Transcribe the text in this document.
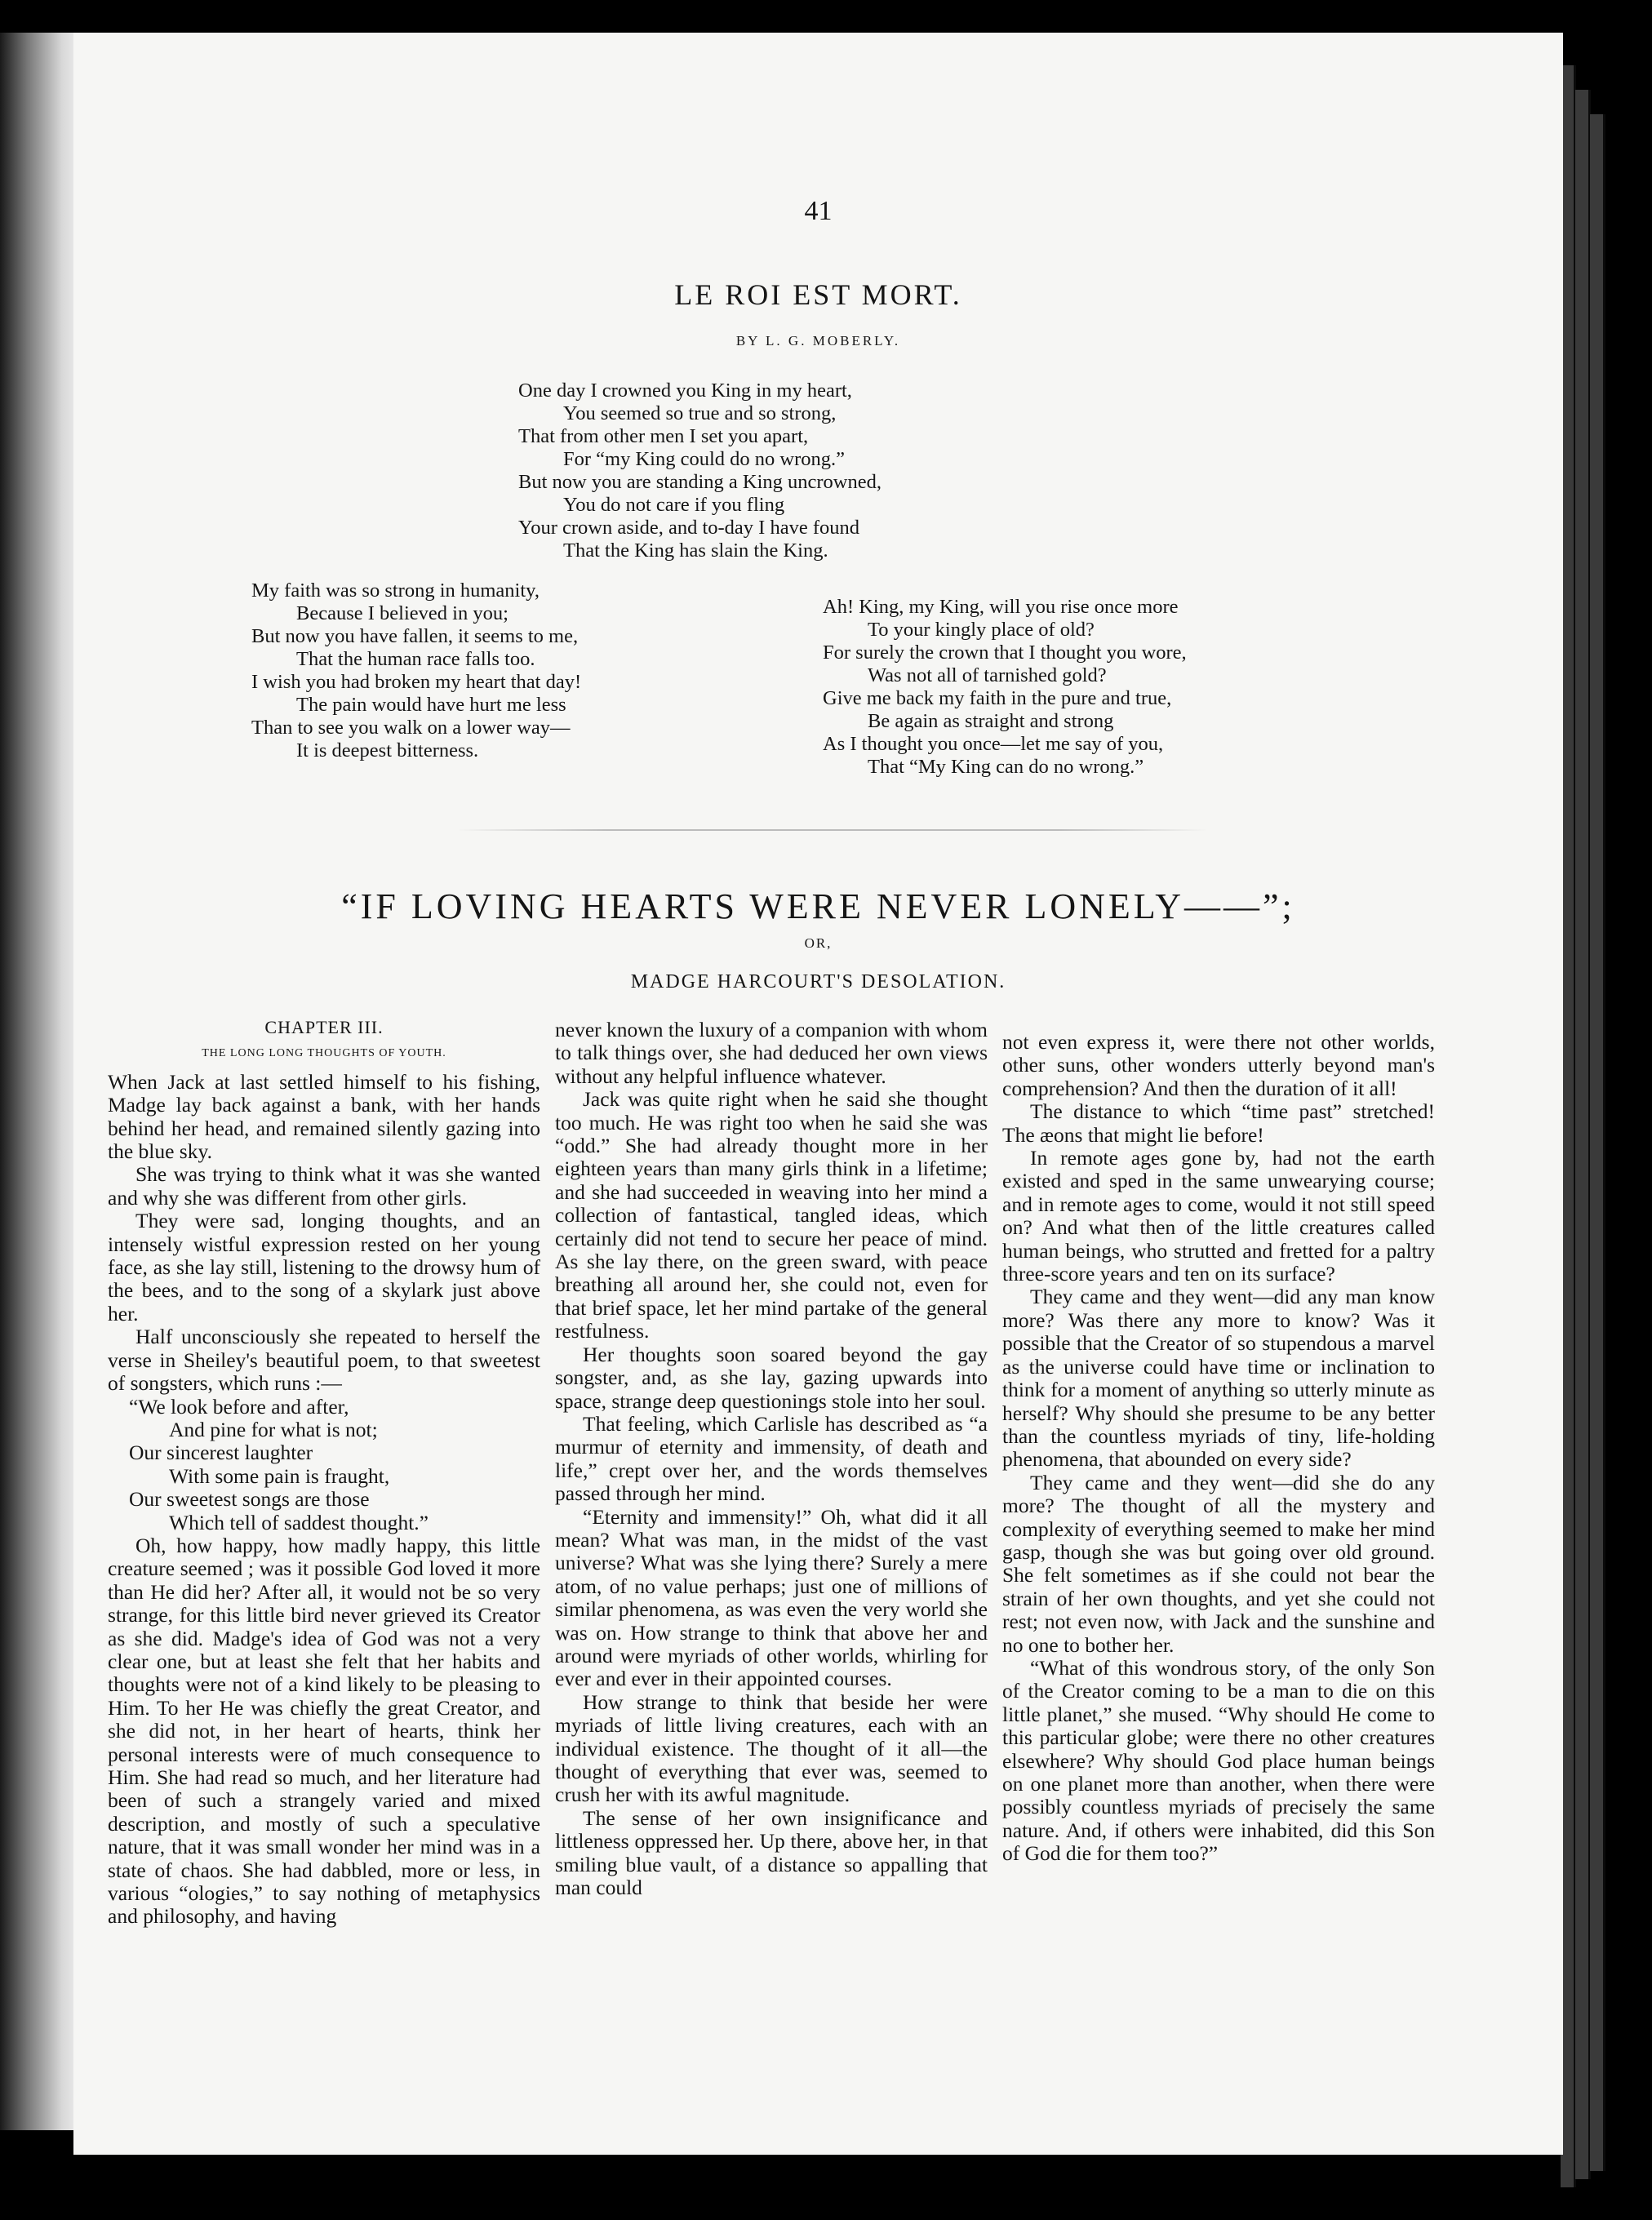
41
LE ROI EST MORT.
BY L. G. MOBERLY.
One day I crowned you King in my heart,
You seemed so true and so strong,
That from other men I set you apart,
For “my King could do no wrong.”
But now you are standing a King uncrowned,
You do not care if you fling
Your crown aside, and to-day I have found
That the King has slain the King.
My faith was so strong in humanity,
Because I believed in you;
But now you have fallen, it seems to me,
That the human race falls too.
I wish you had broken my heart that day!
The pain would have hurt me less
Than to see you walk on a lower way—
It is deepest bitterness.
Ah! King, my King, will you rise once more
To your kingly place of old?
For surely the crown that I thought you wore,
Was not all of tarnished gold?
Give me back my faith in the pure and true,
Be again as straight and strong
As I thought you once—let me say of you,
That “My King can do no wrong.”
“IF LOVING HEARTS WERE NEVER LONELY——”;
OR,
MADGE HARCOURT'S DESOLATION.
CHAPTER III.
THE LONG LONG THOUGHTS OF YOUTH.

When Jack at last settled himself to his fishing, Madge lay back against a bank, with her hands behind her head, and remained silently gazing into the blue sky.

She was trying to think what it was she wanted and why she was different from other girls.

They were sad, longing thoughts, and an intensely wistful expression rested on her young face, as she lay still, listening to the drowsy hum of the bees, and to the song of a skylark just above her.

Half unconsciously she repeated to herself the verse in Sheiley's beautiful poem, to that sweetest of songsters, which runs :—

“We look before and after,

And pine for what is not;

Our sincerest laughter

With some pain is fraught,

Our sweetest songs are those

Which tell of saddest thought.”

Oh, how happy, how madly happy, this little creature seemed ; was it possible God loved it more than He did her? After all, it would not be so very strange, for this little bird never grieved its Creator as she did. Madge's idea of God was not a very clear one, but at least she felt that her habits and thoughts were not of a kind likely to be pleasing to Him. To her He was chiefly the great Creator, and she did not, in her heart of hearts, think her personal interests were of much consequence to Him. She had read so much, and her literature had been of such a strangely varied and mixed description, and mostly of such a speculative nature, that it was small wonder her mind was in a state of chaos. She had dabbled, more or less, in various “ologies,” to say nothing of metaphysics and philosophy, and having

never known the luxury of a companion with whom to talk things over, she had deduced her own views without any helpful influence whatever.

Jack was quite right when he said she thought too much. He was right too when he said she was “odd.” She had already thought more in her eighteen years than many girls think in a lifetime; and she had succeeded in weaving into her mind a collection of fantastical, tangled ideas, which certainly did not tend to secure her peace of mind. As she lay there, on the green sward, with peace breathing all around her, she could not, even for that brief space, let her mind partake of the general restfulness.

Her thoughts soon soared beyond the gay songster, and, as she lay, gazing upwards into space, strange deep questionings stole into her soul.

That feeling, which Carlisle has described as “a murmur of eternity and immensity, of death and life,” crept over her, and the words themselves passed through her mind.

“Eternity and immensity!” Oh, what did it all mean? What was man, in the midst of the vast universe? What was she lying there? Surely a mere atom, of no value perhaps; just one of millions of similar phenomena, as was even the very world she was on. How strange to think that above her and around were myriads of other worlds, whirling for ever and ever in their appointed courses.

How strange to think that beside her were myriads of little living creatures, each with an individual existence. The thought of it all—the thought of everything that ever was, seemed to crush her with its awful magnitude.

The sense of her own insignificance and littleness oppressed her. Up there, above her, in that smiling blue vault, of a distance so appalling that man could

not even express it, were there not other worlds, other suns, other wonders utterly beyond man's comprehension? And then the duration of it all!

The distance to which “time past” stretched! The æons that might lie before!

In remote ages gone by, had not the earth existed and sped in the same unwearying course; and in remote ages to come, would it not still speed on? And what then of the little creatures called human beings, who strutted and fretted for a paltry three-score years and ten on its surface?

They came and they went—did any man know more? Was there any more to know? Was it possible that the Creator of so stupendous a marvel as the universe could have time or inclination to think for a moment of anything so utterly minute as herself? Why should she presume to be any better than the countless myriads of tiny, life-holding phenomena, that abounded on every side?

They came and they went—did she do any more? The thought of all the mystery and complexity of everything seemed to make her mind gasp, though she was but going over old ground. She felt sometimes as if she could not bear the strain of her own thoughts, and yet she could not rest; not even now, with Jack and the sunshine and no one to bother her.

“What of this wondrous story, of the only Son of the Creator coming to be a man to die on this little planet,” she mused. “Why should He come to this particular globe; were there no other creatures elsewhere? Why should God place human beings on one planet more than another, when there were possibly countless myriads of precisely the same nature. And, if others were inhabited, did this Son of God die for them too?”
